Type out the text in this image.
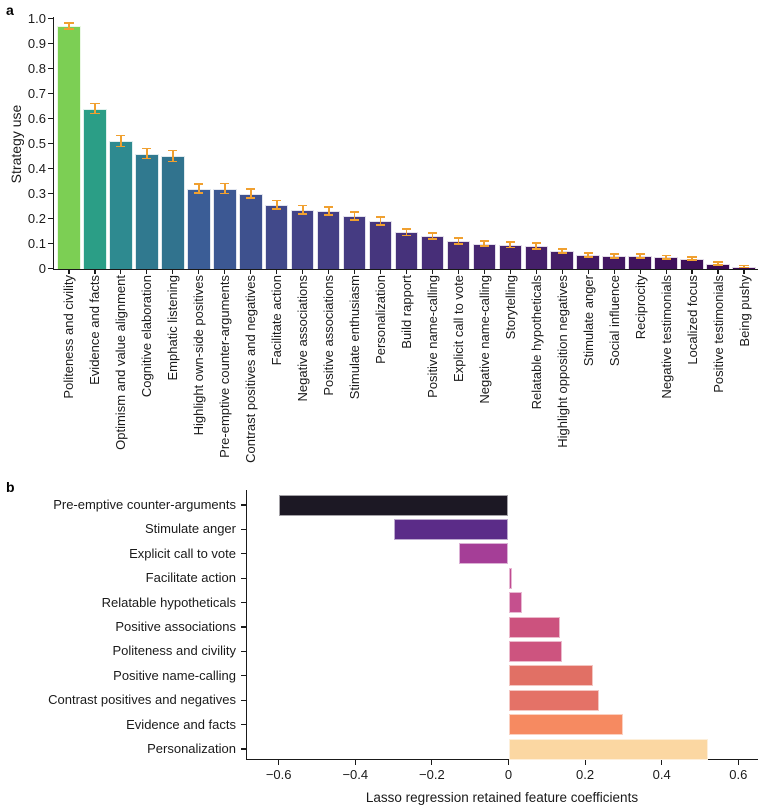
a
Strategy use
0
0.1
0.2
0.3
0.4
0.5
0.6
0.7
0.8
0.9
1.0
Politeness and civility Evidence and facts Optimism and value alignment Cognitive elaboration Emphatic listening Highlight own-side positives Pre-emptive counter-arguments Contrast positives and negatives Facilitate action Negative associations Positive associations Stimulate enthusiasm Personalization Build rapport Positive name-calling Explicit call to vote Negative name-calling Storytelling Relatable hypotheticals Highlight opposition negatives Stimulate anger Social influence Reciprocity Negative testimonials Localized focus Positive testimonials Being pushy
b
Pre-emptive counter-arguments
Stimulate anger
Explicit call to vote
Facilitate action
Relatable hypotheticals
Positive associations
Politeness and civility
Positive name-calling
Contrast positives and negatives
Evidence and facts
Personalization
−0.6	−0.4	−0.2	0	0.2	0.4	0.6
Lasso regression retained feature coefficients
